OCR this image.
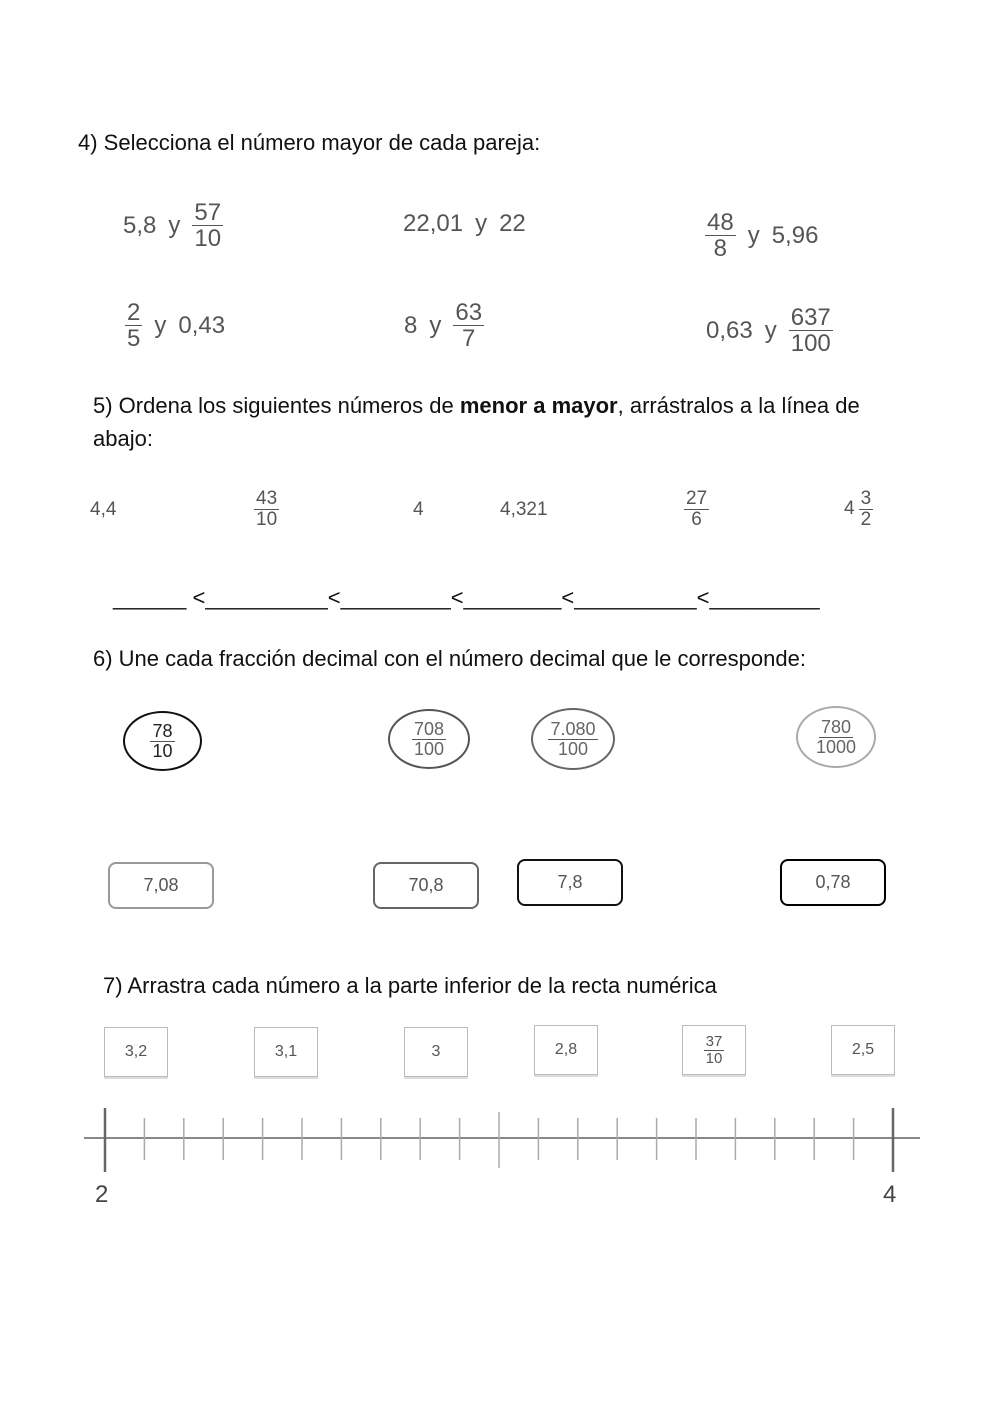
4) Selecciona el número mayor de cada pareja:
5,8 y $\frac{57}{10}$	22,01 y 22	$\frac{48}{8}$ y 5,96
$\frac{2}{5}$ y 0,43	8 y $\frac{63}{7}$	0,63 y $\frac{637}{100}$
5) Ordena los siguientes números de menor a mayor, arrástralos a la línea de
abajo:
4,4	$\frac{43}{10}$	4	4,321	$\frac{27}{6}$	$4 \frac{3}{2}$
______ <__________<_________<________<__________<_________
6) Une cada fracción decimal con el número decimal que le corresponde:
$\frac{78}{10}$	$\frac{708}{100}$	$\frac{7.080}{100}$	$\frac{780}{1000}$
7,08	70,8	7,8	0,78
7) Arrastra cada número a la parte inferior de la recta numérica
3,2	3,1	3	2,8	$\frac{37}{10}$	2,5
2	4
